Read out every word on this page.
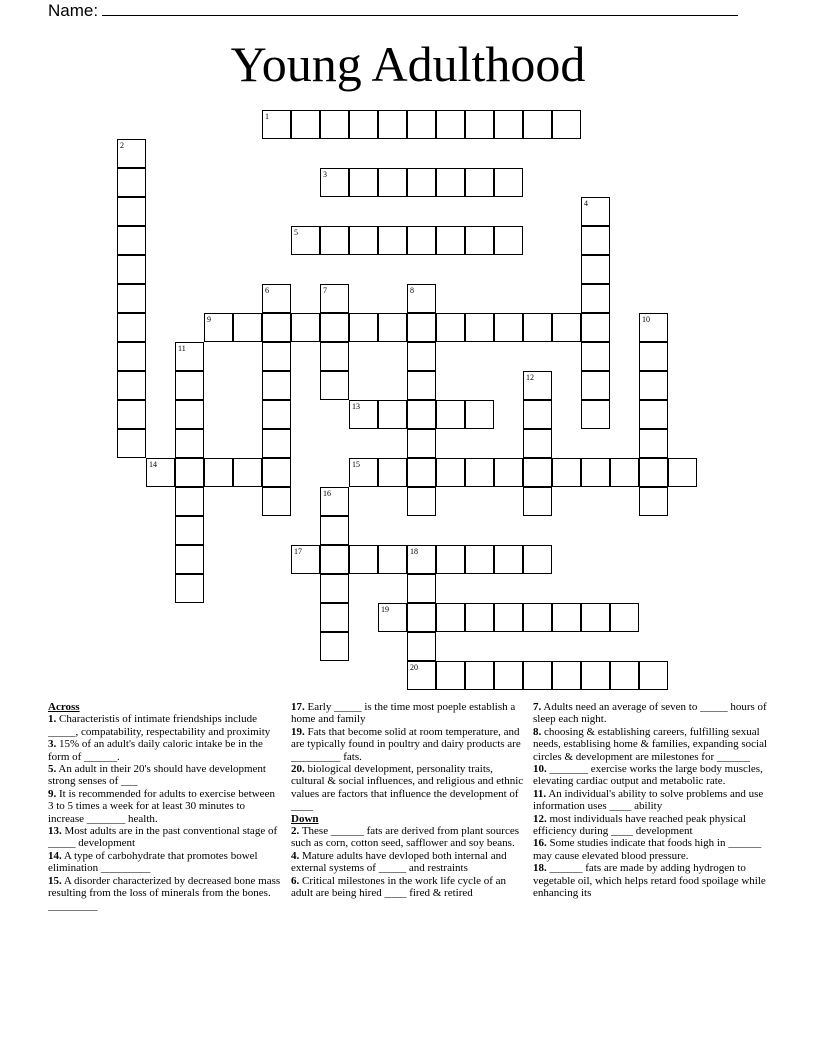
Name:
Young Adulthood
1
2
3
4
5
6	7	8
9	10
11
12
13
14	15
16
17	18
20
19

Across

1. Characteristis of intimate friendships include _____, compatability, respectability and proximity

3. 15% of an adult's daily caloric intake be in the form of ______.

5. An adult in their 20's should have development strong senses of ___

9. It is recommended for adults to exercise between 3 to 5 times a week for at least 30 minutes to increase _______ health.

13. Most adults are in the past conventional stage of _____ development

14. A type of carbohydrate that promotes bowel elimination _________

15. A disorder characterized by decreased bone mass resulting from the loss of minerals from the bones. _________

17. Early _____ is the time most poeple establish a home and family

19. Fats that become solid at room temperature, and are typically found in poultry and dairy products are _________ fats.

20. biological development, personality traits, cultural & social influences, and religious and ethnic values are factors that influence the development of ____

Down

2. These ______ fats are derived from plant sources such as corn, cotton seed, safflower and soy beans.

4. Mature adults have devloped both internal and external systems of _____ and restraints

6. Critical milestones in the work life cycle of an adult are being hired ____ fired & retired

7. Adults need an average of seven to _____ hours of sleep each night.

8. choosing & establishing careers, fulfilling sexual needs, establising home & families, expanding social circles & development are milestones for ______

10. _______ exercise works the large body muscles, elevating cardiac output and metabolic rate.

11. An individual's ability to solve problems and use information uses ____ ability

12. most individuals have reached peak physical efficiency during ____ development

16. Some studies indicate that foods high in ______ may cause elevated blood pressure.

18. ______ fats are made by adding hydrogen to vegetable oil, which helps retard food spoilage while enhancing its
